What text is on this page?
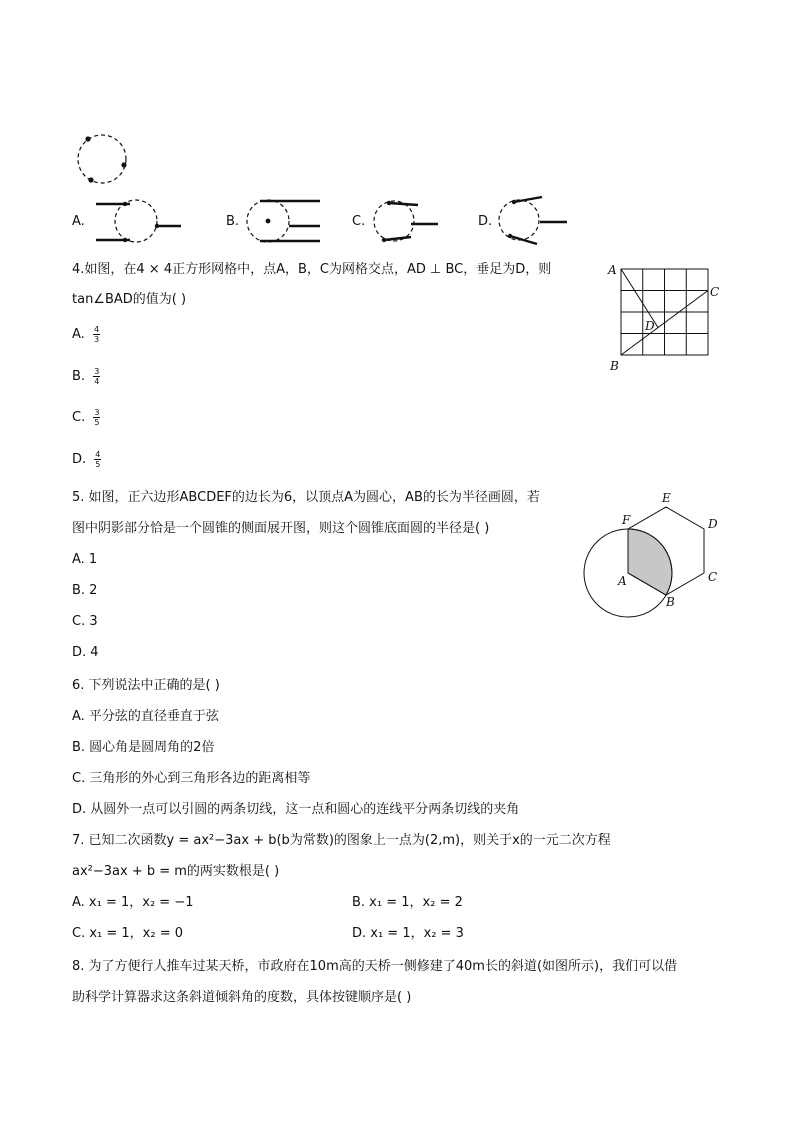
A.	B.	C.	D.
4.如图，在4 × 4正方形网格中，点A，B，C为网格交点，AD ⊥ BC，垂足为D，则
tan∠BAD的值为( )
A. $\frac{4}{3}$
B. $\frac{3}{4}$
C. $\frac{3}{5}$
D. $\frac{4}{5}$
A
B
C
D
5. 如图，正六边形ABCDEF的边长为6，以顶点A为圆心，AB的长为半径画圆，若
图中阴影部分恰是一个圆锥的侧面展开图，则这个圆锥底面圆的半径是( )
A. 1
B. 2
C. 3
D. 4
A
B
C
D
E
F
6. 下列说法中正确的是( )
A. 平分弦的直径垂直于弦
B. 圆心角是圆周角的2倍
C. 三角形的外心到三角形各边的距离相等
D. 从圆外一点可以引圆的两条切线，这一点和圆心的连线平分两条切线的夹角
7. 已知二次函数y = ax²−3ax + b(b为常数)的图象上一点为(2,m)，则关于x的一元二次方程
ax²−3ax + b = m的两实数根是( )
A. x₁ = 1，x₂ = −1	B. x₁ = 1，x₂ = 2
C. x₁ = 1，x₂ = 0	D. x₁ = 1，x₂ = 3
8. 为了方便行人推车过某天桥，市政府在10m高的天桥一侧修建了40m长的斜道(如图所示)，我们可以借
助科学计算器求这条斜道倾斜角的度数，具体按键顺序是( )
